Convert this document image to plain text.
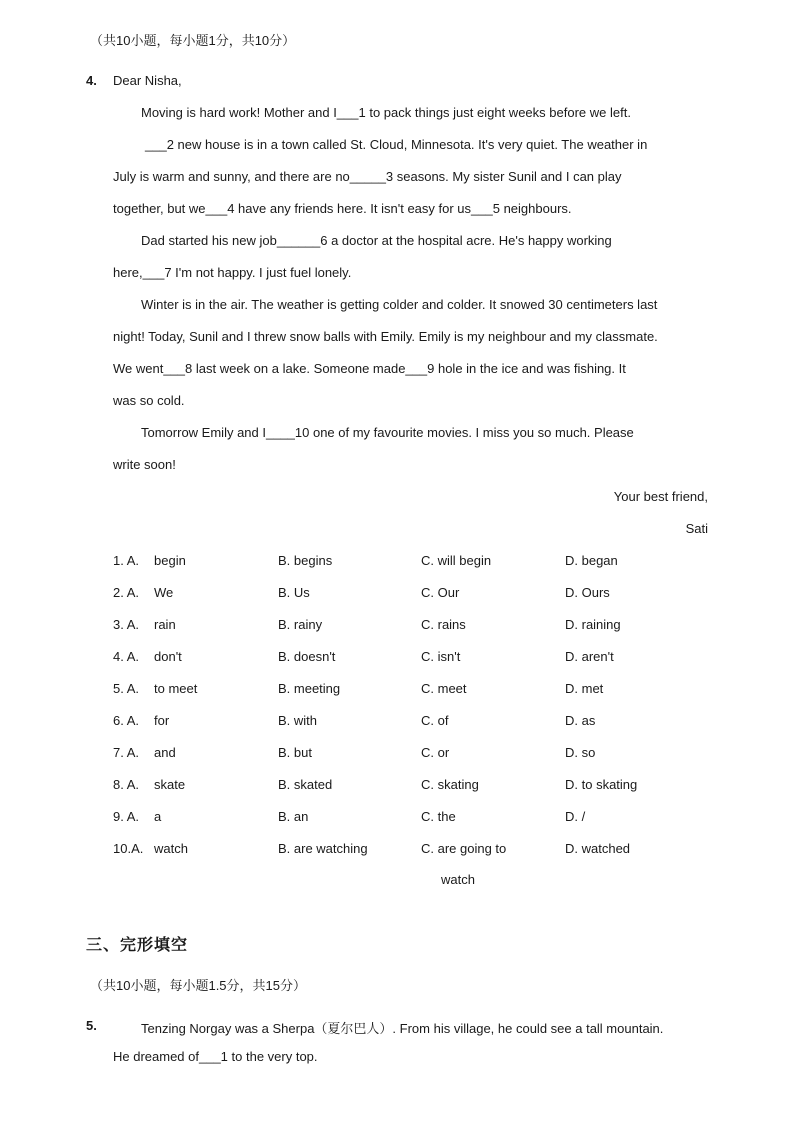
（共10小题，每小题1分，共10分）
4. Dear Nisha,
Moving is hard work! Mother and I___1 to pack things just eight weeks before we left.
___2 new house is in a town called St. Cloud, Minnesota. It's very quiet. The weather in
July is warm and sunny, and there are no_____3 seasons. My sister Sunil and I can play
together, but we___4 have any friends here. It isn't easy for us___5 neighbours.
Dad started his new job______6 a doctor at the hospital acre. He's happy working
here,___7 I'm not happy. I just fuel lonely.
Winter is in the air. The weather is getting colder and colder. It snowed 30 centimeters last
night! Today, Sunil and I threw snow balls with Emily. Emily is my neighbour and my classmate.
We went___8 last week on a lake. Someone made___9 hole in the ice and was fishing. It
was so cold.
Tomorrow Emily and I____10 one of my favourite movies. I miss you so much. Please
write soon!
Your best friend,
Sati
1. A. begin	B. begins	C. will begin	D. began
2. A. We	B. Us	C. Our	D. Ours
3. A. rain	B. rainy	C. rains	D. raining
4. A. don't	B. doesn't	C. isn't	D. aren't
5. A. to meet	B. meeting	C. meet	D. met
6. A. for	B. with	C. of	D. as
7. A. and	B. but	C. or	D. so
8. A. skate	B. skated	C. skating	D. to skating
9. A. a	B. an	C. the	D. /
10.A. watch	B. are watching	C. are going to	D. watched
watch
三、完形填空
（共10小题，每小题1.5分，共15分）
5.	Tenzing Norgay was a Sherpa（夏尔巴人）. From his village, he could see a tall mountain.
He dreamed of___1 to the very top.
